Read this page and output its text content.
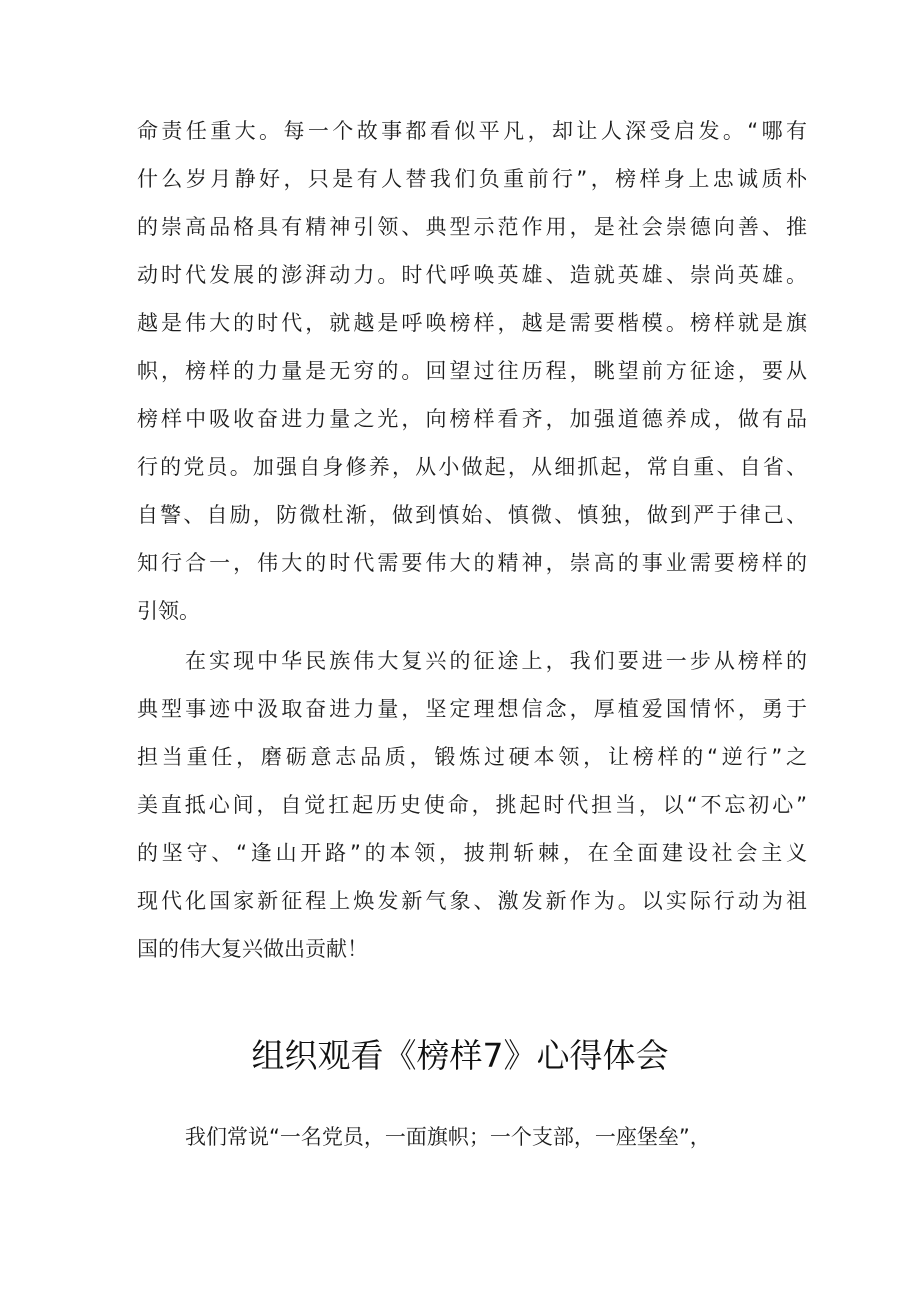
命责任重大。每一个故事都看似平凡，却让人深受启发。“哪有
什么岁月静好，只是有人替我们负重前行”，榜样身上忠诚质朴
的崇高品格具有精神引领、典型示范作用，是社会崇德向善、推
动时代发展的澎湃动力。时代呼唤英雄、造就英雄、崇尚英雄。
越是伟大的时代，就越是呼唤榜样，越是需要楷模。榜样就是旗
帜，榜样的力量是无穷的。回望过往历程，眺望前方征途，要从
榜样中吸收奋进力量之光，向榜样看齐，加强道德养成，做有品
行的党员。加强自身修养，从小做起，从细抓起，常自重、自省、
自警、自励，防微杜渐，做到慎始、慎微、慎独，做到严于律己、
知行合一，伟大的时代需要伟大的精神，崇高的事业需要榜样的
引领。
在实现中华民族伟大复兴的征途上，我们要进一步从榜样的
典型事迹中汲取奋进力量，坚定理想信念，厚植爱国情怀，勇于
担当重任，磨砺意志品质，锻炼过硬本领，让榜样的“逆行”之
美直抵心间，自觉扛起历史使命，挑起时代担当，以“不忘初心”
的坚守、“逢山开路”的本领，披荆斩棘，在全面建设社会主义
现代化国家新征程上焕发新气象、激发新作为。以实际行动为祖
国的伟大复兴做出贡献！
组织观看《榜样7》心得体会
我们常说“一名党员，一面旗帜；一个支部，一座堡垒”，
